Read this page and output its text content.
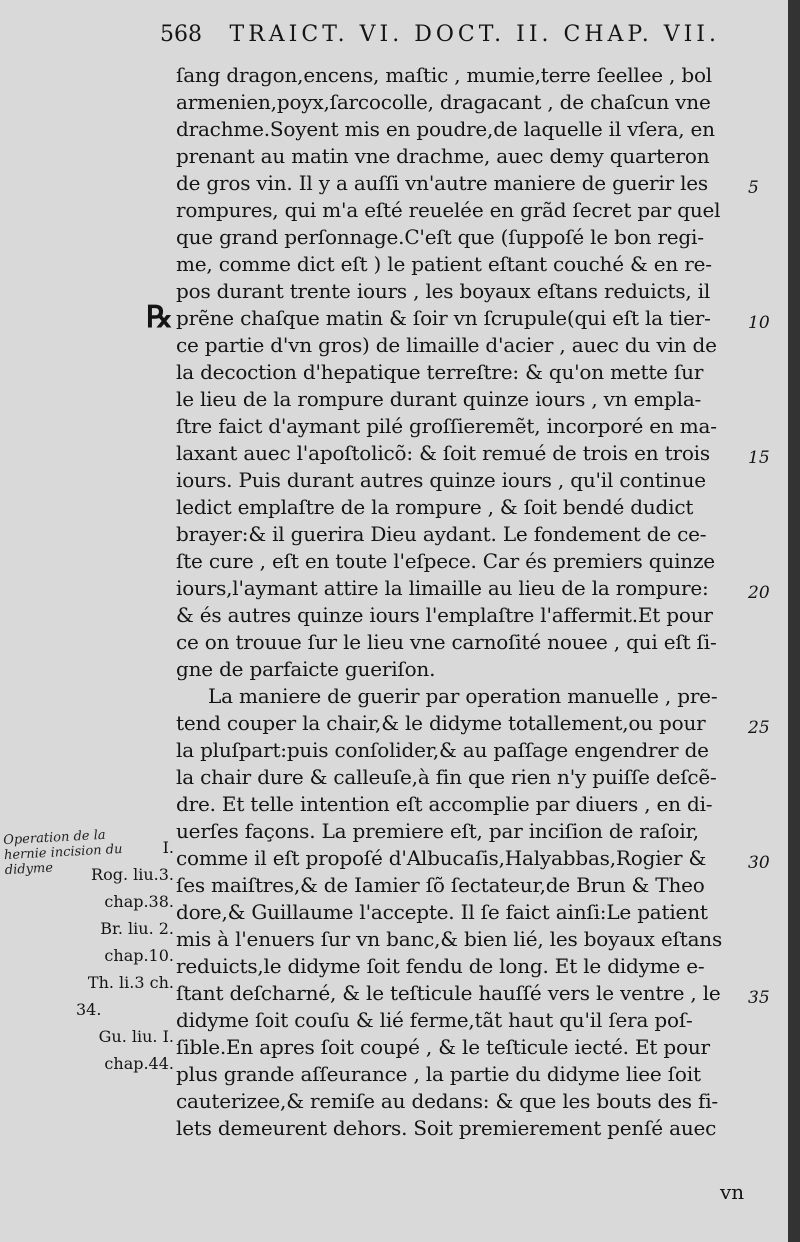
568	TRAICT. VI. DOCT. II. CHAP. VII.
ſang dragon,encens, maſtic , mumie,terre ſeellee , bol
armenien,poyx,ſarcocolle, dragacant , de chaſcun vne
drachme.Soyent mis en poudre,de laquelle il vſera, en
prenant au matin vne drachme, auec demy quarteron
de gros vin. Il y a auſſi vn'autre maniere de guerir les
rompures, qui m'a eſté reuelée en grãd ſecret par quel
que grand perſonnage.C'eſt que (ſuppoſé le bon regi-
me, comme dict eſt ) le patient eſtant couché & en re-
pos durant trente iours , les boyaux eſtans reduicts, il
prẽne chaſque matin & ſoir vn ſcrupule(qui eſt la tier-
ce partie d'vn gros) de limaille d'acier , auec du vin de
la decoction d'hepatique terreſtre: & qu'on mette ſur
le lieu de la rompure durant quinze iours , vn empla-
ſtre faict d'aymant pilé groſſieremẽt, incorporé en ma-
laxant auec l'apoſtolicõ: & ſoit remué de trois en trois
iours. Puis durant autres quinze iours , qu'il continue
ledict emplaſtre de la rompure , & ſoit bendé dudict
brayer:& il guerira Dieu aydant. Le fondement de ce-
ſte cure , eſt en toute l'eſpece. Car és premiers quinze
iours,l'aymant attire la limaille au lieu de la rompure:
& és autres quinze iours l'emplaſtre l'affermit.Et pour
ce on trouue ſur le lieu vne carnoſité nouee , qui eſt ſi-
gne de parfaicte gueriſon.
La maniere de guerir par operation manuelle , pre-
tend couper la chair,& le didyme totallement,ou pour
la pluſpart:puis conſolider,& au paſſage engendrer de
la chair dure & calleuſe,à fin que rien n'y puiſſe deſcẽ-
dre. Et telle intention eſt accomplie par diuers , en di-
uerſes façons. La premiere eſt, par inciſion de raſoir,
comme il eſt propoſé d'Albucaſis,Halyabbas,Rogier &
ſes maiſtres,& de Iamier ſõ ſectateur,de Brun & Theo
dore,& Guillaume l'accepte. Il ſe faict ainſi:Le patient
mis à l'enuers ſur vn banc,& bien lié, les boyaux eſtans
reduicts,le didyme ſoit fendu de long. Et le didyme e-
ſtant deſcharné, & le teſticule hauſſé vers le ventre , le
didyme ſoit couſu & lié ferme,tãt haut qu'il ſera poſ-
ſible.En apres ſoit coupé , & le teſticule iecté. Et pour
plus grande aſſeurance , la partie du didyme liee ſoit
cauterizee,& remiſe au dedans: & que les bouts des fi-
lets demeurent dehors. Soit premierement penſé auec
℞
5
10
15
20
25
30
35
I.
Rog. liu.3.
chap.38.
Br. liu. 2.
chap.10.
Th. li.3 ch.
34.
Gu. liu. I.
chap.44.
Operation de la hernie incision du didyme
vn
